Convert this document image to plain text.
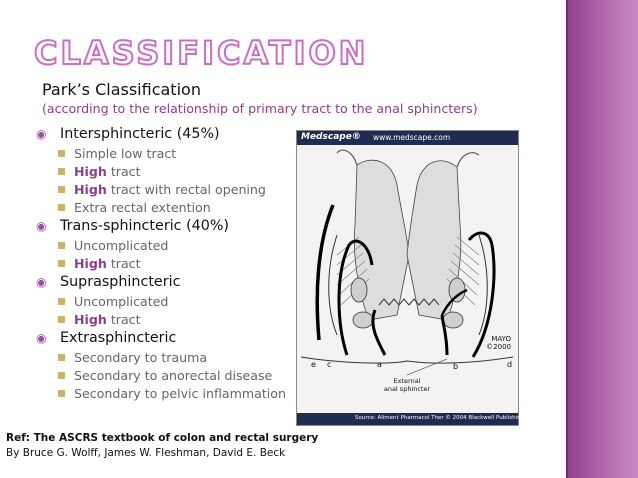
CLASSIFICATION
Park’s Classification
(according to the relationship of primary tract to the anal sphincters)
◉ Intersphincteric (45%)
Simple low tract
High tract
High tract with rectal opening
Extra rectal extention
◉ Trans-sphincteric (40%)
Uncomplicated
High tract
◉ Suprasphincteric
Uncomplicated
High tract
◉ Extrasphincteric
Secondary to trauma
Secondary to anorectal disease
Secondary to pelvic inflammation
Medscape® www.medscape.com
e c	a	b	d
MAYO
©2000
External
anal sphincter
Source: Aliment Pharmacol Ther © 2004 Blackwell Publishing
Ref: The ASCRS textbook of colon and rectal surgery
By Bruce G. Wolff, James W. Fleshman, David E. Beck
